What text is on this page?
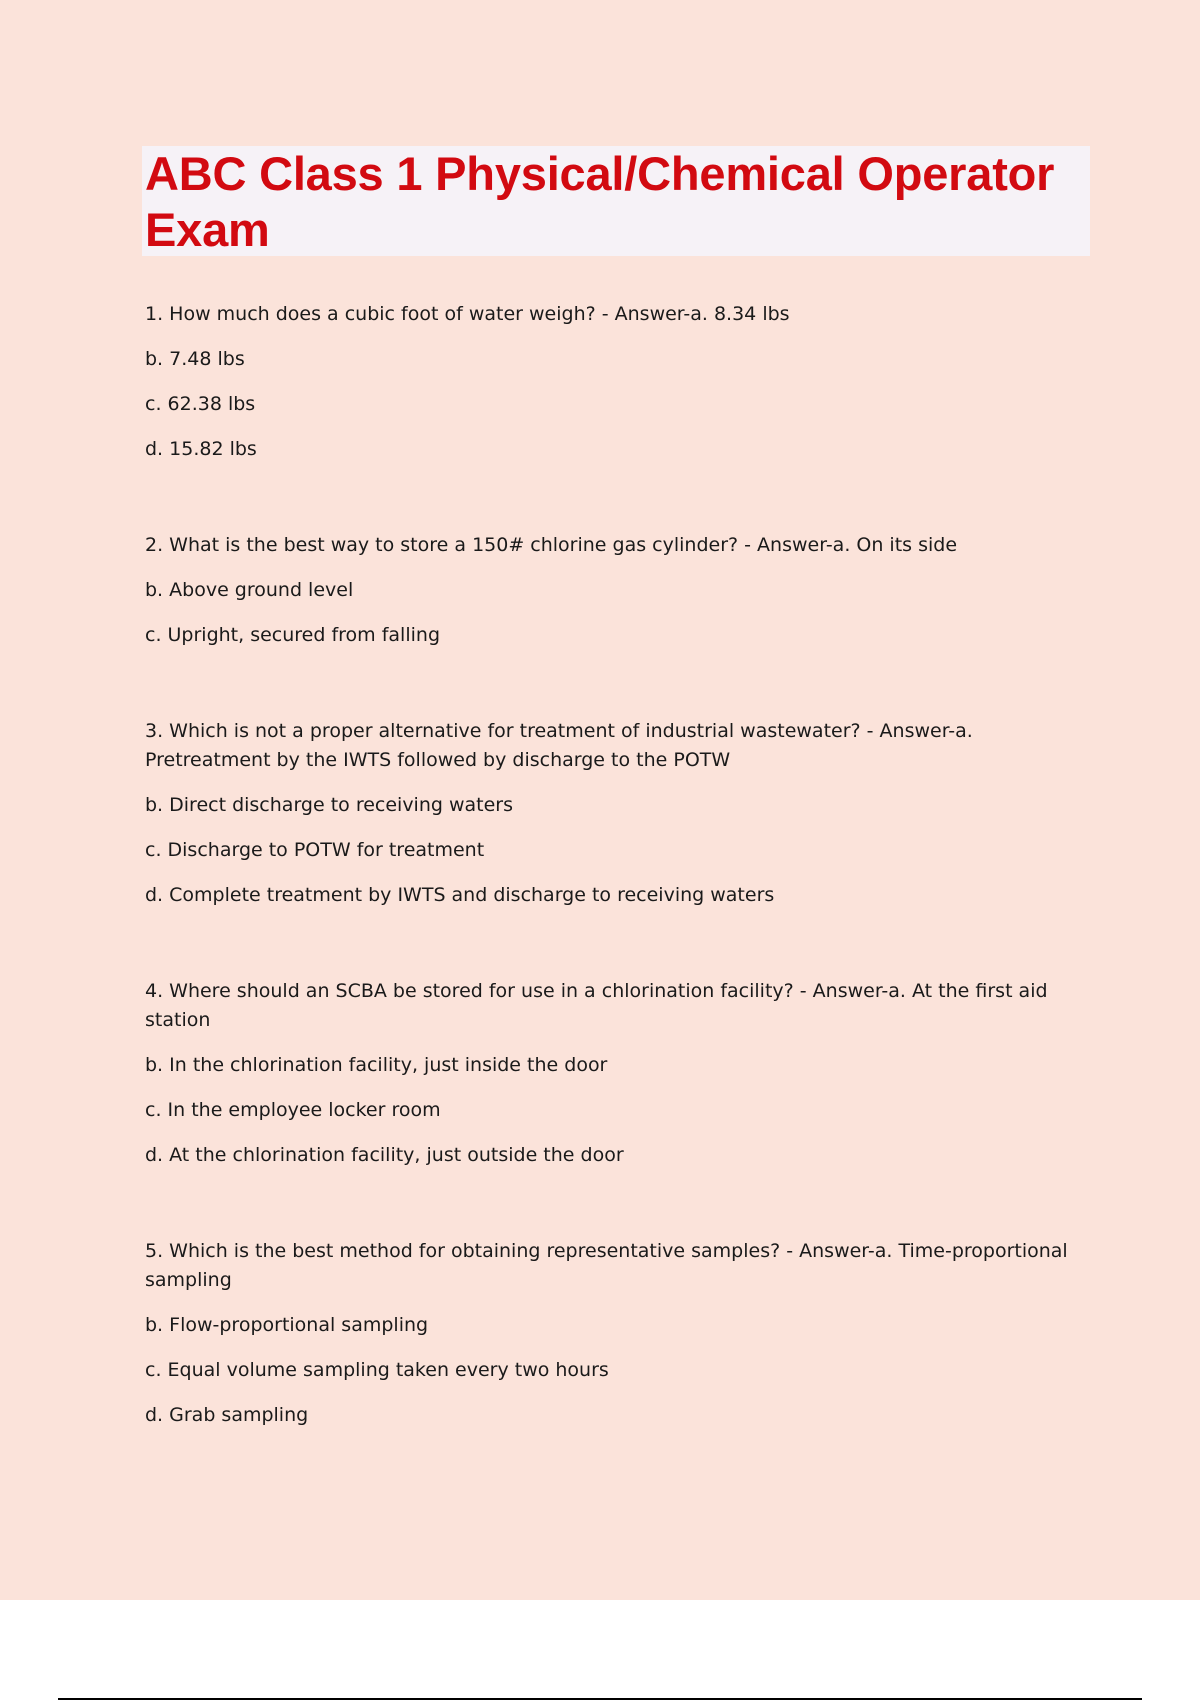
ABC Class 1 Physical/Chemical Operator Exam
1. How much does a cubic foot of water weigh? - Answer-a. 8.34 lbs
b. 7.48 lbs
c. 62.38 lbs
d. 15.82 lbs
2. What is the best way to store a 150# chlorine gas cylinder? - Answer-a. On its side
b. Above ground level
c. Upright, secured from falling
3. Which is not a proper alternative for treatment of industrial wastewater? - Answer-a. Pretreatment by the IWTS followed by discharge to the POTW
b. Direct discharge to receiving waters
c. Discharge to POTW for treatment
d. Complete treatment by IWTS and discharge to receiving waters
4. Where should an SCBA be stored for use in a chlorination facility? - Answer-a. At the first aid station
b. In the chlorination facility, just inside the door
c. In the employee locker room
d. At the chlorination facility, just outside the door
5. Which is the best method for obtaining representative samples? - Answer-a. Time-proportional sampling
b. Flow-proportional sampling
c. Equal volume sampling taken every two hours
d. Grab sampling
